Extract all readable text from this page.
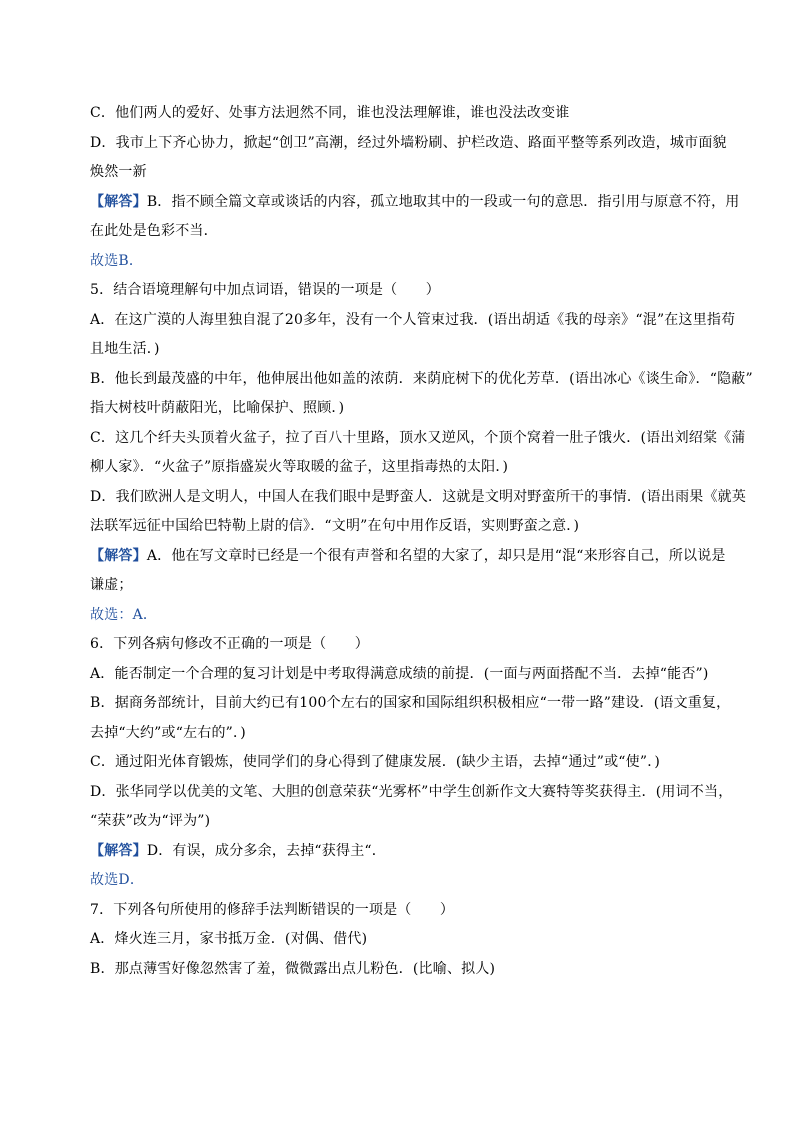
C．他们两人的爱好、处事方法迥然不同，谁也没法理解谁，谁也没法改变谁
D．我市上下齐心协力，掀起“创卫”高潮，经过外墙粉刷、护栏改造、路面平整等系列改造，城市面貌
焕然一新
【解答】B．指不顾全篇文章或谈话的内容，孤立地取其中的一段或一句的意思．指引用与原意不符，用
在此处是色彩不当．
故选B．
5．结合语境理解句中加点词语，错误的一项是（　　）
A．在这广漠的人海里独自混了20多年，没有一个人管束过我．(语出胡适《我的母亲》“混”在这里指苟
且地生活．)
B．他长到最茂盛的中年，他伸展出他如盖的浓荫．来荫庇树下的优化芳草．(语出冰心《谈生命》．“隐蔽”
指大树枝叶荫蔽阳光，比喻保护、照顾．)
C．这几个纤夫头顶着火盆子，拉了百八十里路，顶水又逆风，个顶个窝着一肚子饿火．(语出刘绍棠《蒲
柳人家》．“火盆子”原指盛炭火等取暖的盆子，这里指毒热的太阳．)
D．我们欧洲人是文明人，中国人在我们眼中是野蛮人．这就是文明对野蛮所干的事情．(语出雨果《就英
法联军远征中国给巴特勒上尉的信》．“文明”在句中用作反语，实则野蛮之意．)
【解答】A．他在写文章时已经是一个很有声誉和名望的大家了，却只是用“混“来形容自己，所以说是
谦虚；
故选：A．
6．下列各病句修改不正确的一项是（　　）
A．能否制定一个合理的复习计划是中考取得满意成绩的前提．(一面与两面搭配不当．去掉“能否”)
B．据商务部统计，目前大约已有100个左右的国家和国际组织积极相应“一带一路”建设．(语文重复，
去掉“大约”或“左右的”．)
C．通过阳光体育锻炼，使同学们的身心得到了健康发展．(缺少主语，去掉“通过”或“使”．)
D．张华同学以优美的文笔、大胆的创意荣获“光雾杯”中学生创新作文大赛特等奖获得主．(用词不当，
“荣获”改为“评为”)
【解答】D．有误，成分多余，去掉“获得主“．
故选D．
7．下列各句所使用的修辞手法判断错误的一项是（　　）
A．烽火连三月，家书抵万金．(对偶、借代)
B．那点薄雪好像忽然害了羞，微微露出点儿粉色．(比喻、拟人)
